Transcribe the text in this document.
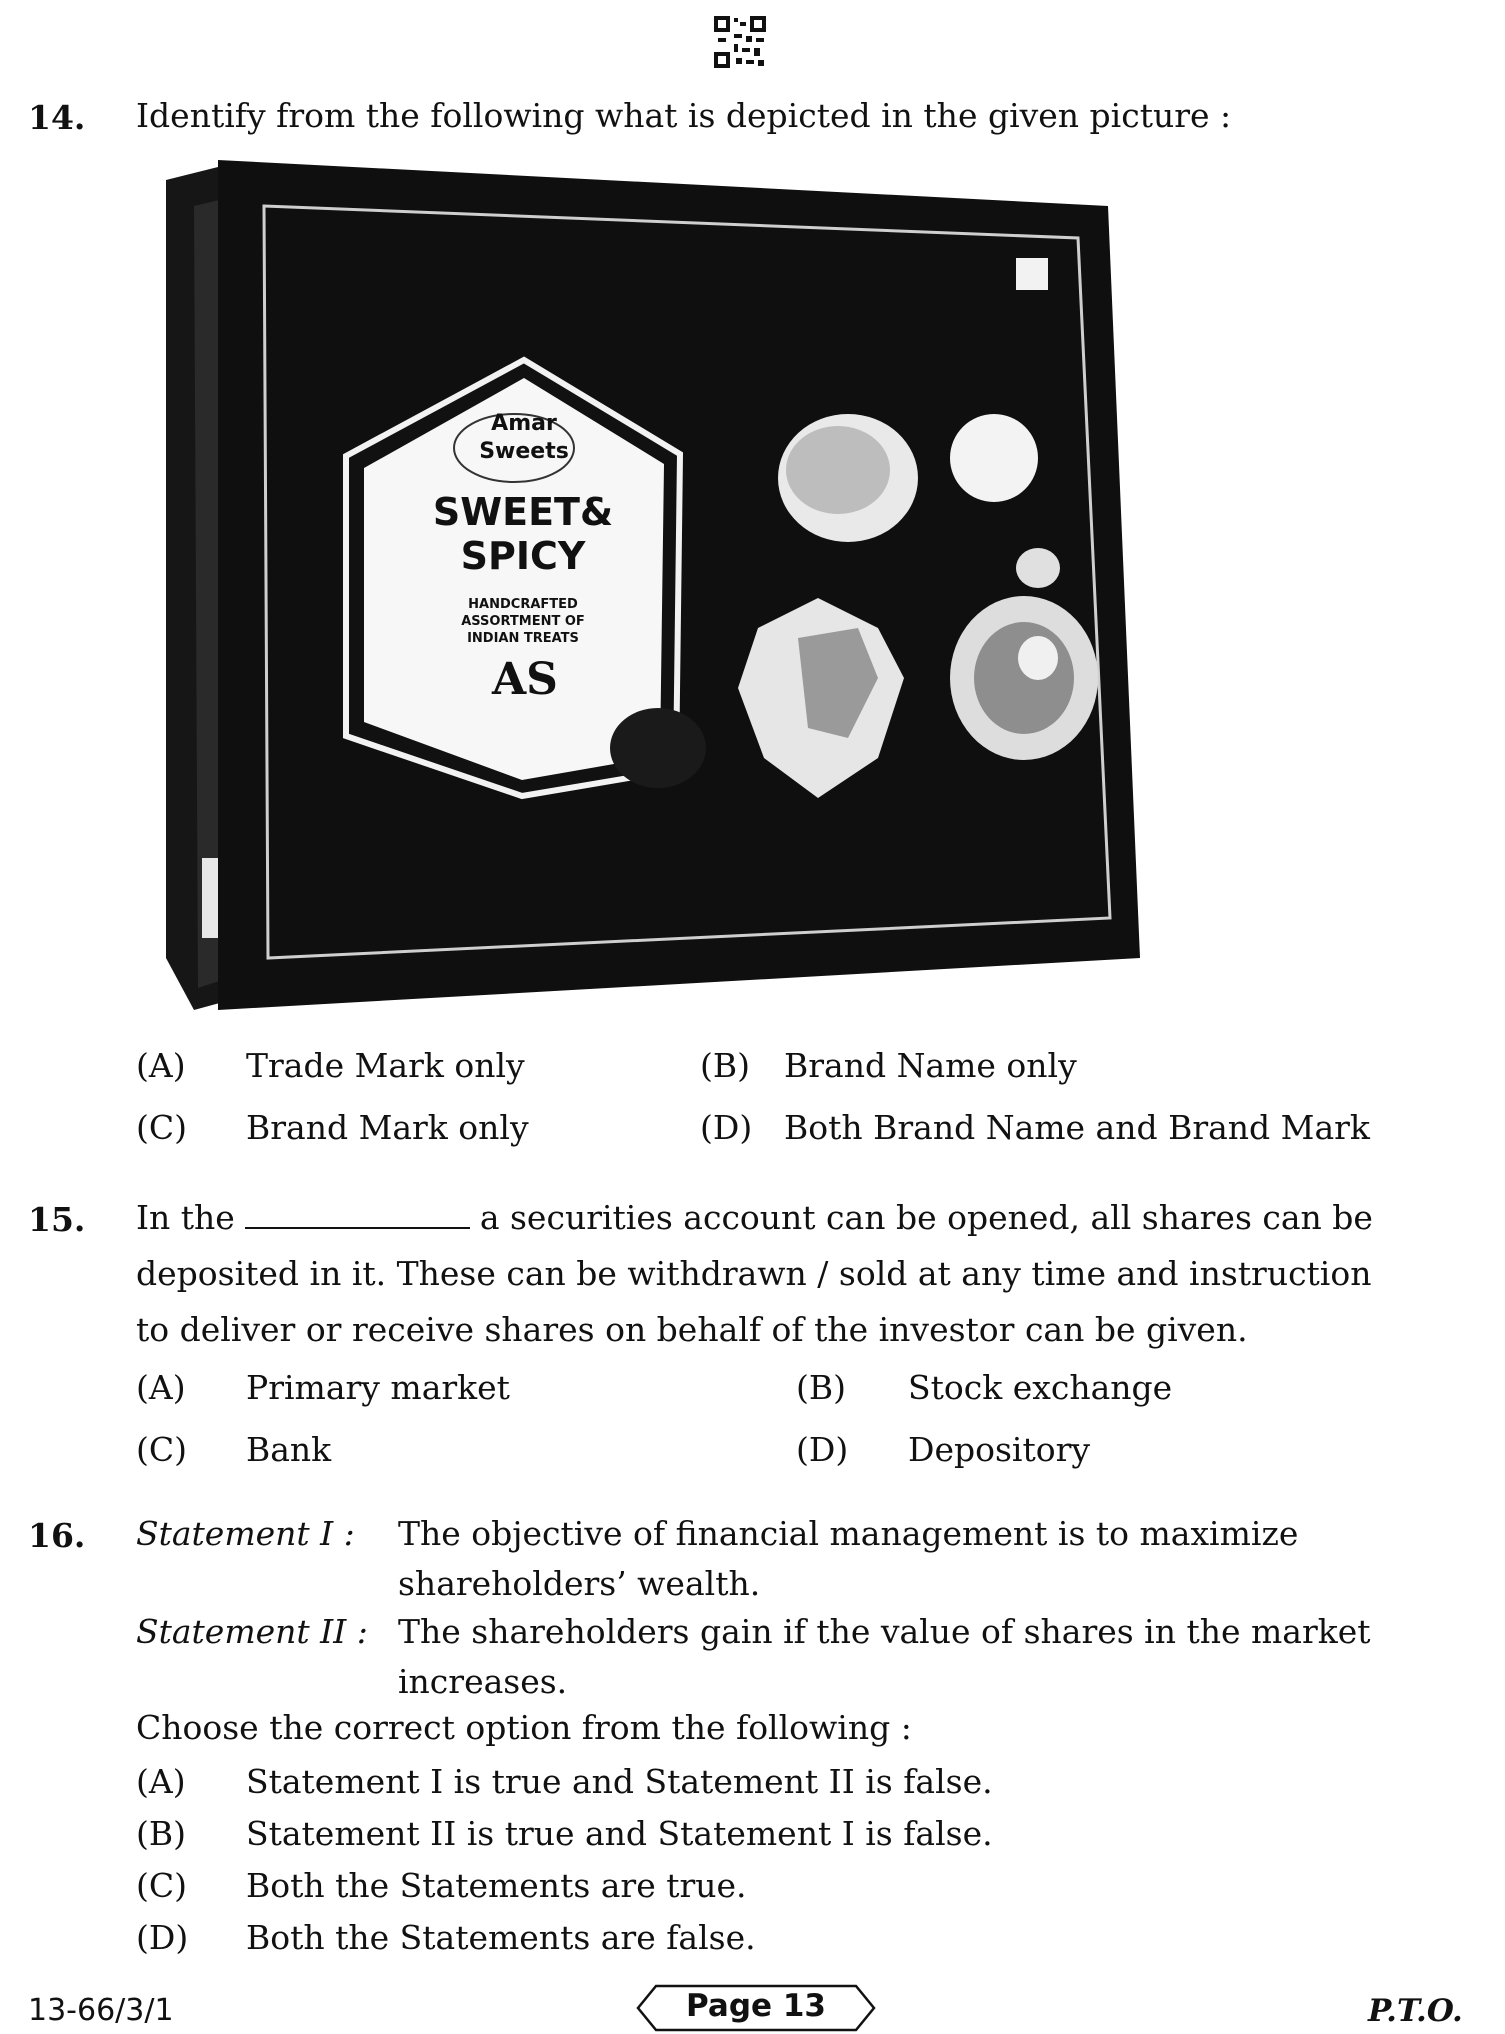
14. Identify from the following what is depicted in the given picture :
Amar
Sweets
SWEET&
SPICY
HANDCRAFTED
ASSORTMENT OF
INDIAN TREATS
AS
(A) Trade Mark only	(B) Brand Name only
(C) Brand Mark only	(D) Both Brand Name and Brand Mark
15. In the	a securities account can be opened, all shares can be
deposited in it. These can be withdrawn / sold at any time and instruction
to deliver or receive shares on behalf of the investor can be given.
(A) Primary market	(B) Stock exchange
(C) Bank	(D) Depository
16. Statement I : The objective of financial management is to maximize
shareholders’ wealth.
Statement II : The shareholders gain if the value of shares in the market
increases.
Choose the correct option from the following :
(A) Statement I is true and Statement II is false.
(B) Statement II is true and Statement I is false.
(C) Both the Statements are true.
(D) Both the Statements are false.
13-66/3/1	Page 13	P.T.O.
